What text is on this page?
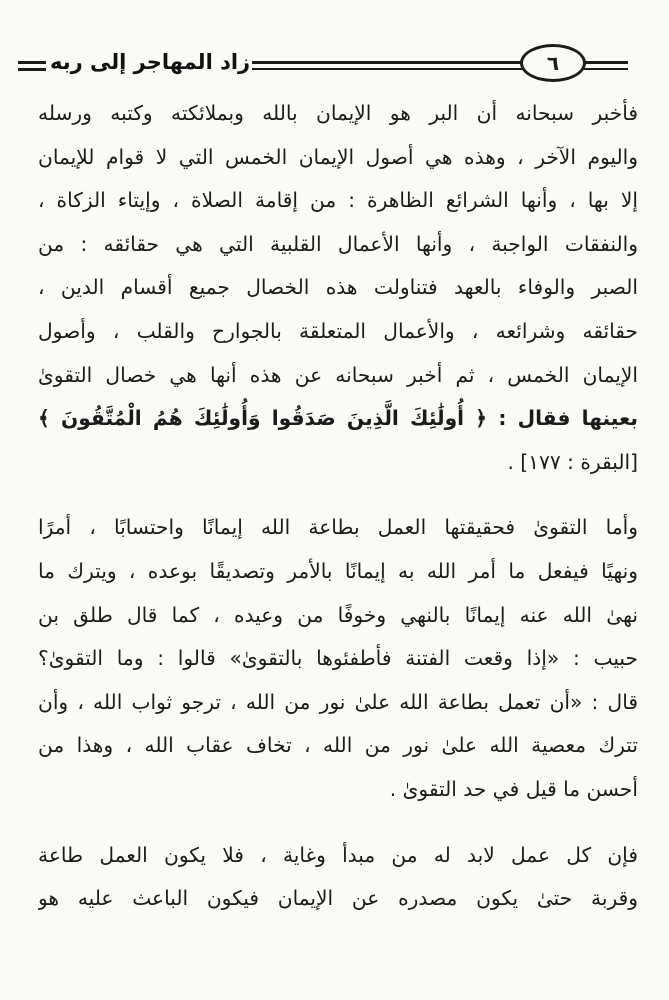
زاد المهاجر إلى ربه	٦
فأخبر سبحانه أن البر هو الإيمان بالله وبملائكته وكتبه ورسله
واليوم الآخر ، وهذه هي أصول الإيمان الخمس التي لا قوام للإيمان
إلا بها ، وأنها الشرائع الظاهرة : من إقامة الصلاة ، وإيتاء الزكاة ،
والنفقات الواجبة ، وأنها الأعمال القلبية التي هي حقائقه : من
الصبر والوفاء بالعهد فتناولت هذه الخصال جميع أقسام الدين ،
حقائقه وشرائعه ، والأعمال المتعلقة بالجوارح والقلب ، وأصول
الإيمان الخمس ، ثم أخبر سبحانه عن هذه أنها هي خصال التقوىٰ
بعينها فقال : ﴿ أُولَٰئِكَ الَّذِينَ صَدَقُوا وَأُولَٰئِكَ هُمُ الْمُتَّقُونَ ﴾
[البقرة : ١٧٧] .
وأما التقوىٰ فحقيقتها العمل بطاعة الله إيمانًا واحتسابًا ، أمرًا
ونهيًا فيفعل ما أمر الله به إيمانًا بالأمر وتصديقًا بوعده ، ويترك ما
نهىٰ الله عنه إيمانًا بالنهي وخوفًا من وعيده ، كما قال طلق بن
حبيب : «إذا وقعت الفتنة فأطفئوها بالتقوىٰ» قالوا : وما التقوىٰ؟
قال : «أن تعمل بطاعة الله علىٰ نور من الله ، ترجو ثواب الله ، وأن
تترك معصية الله علىٰ نور من الله ، تخاف عقاب الله ، وهذا من
أحسن ما قيل في حد التقوىٰ .
فإن كل عمل لابد له من مبدأ وغاية ، فلا يكون العمل طاعة
وقربة حتىٰ يكون مصدره عن الإيمان فيكون الباعث عليه هو
